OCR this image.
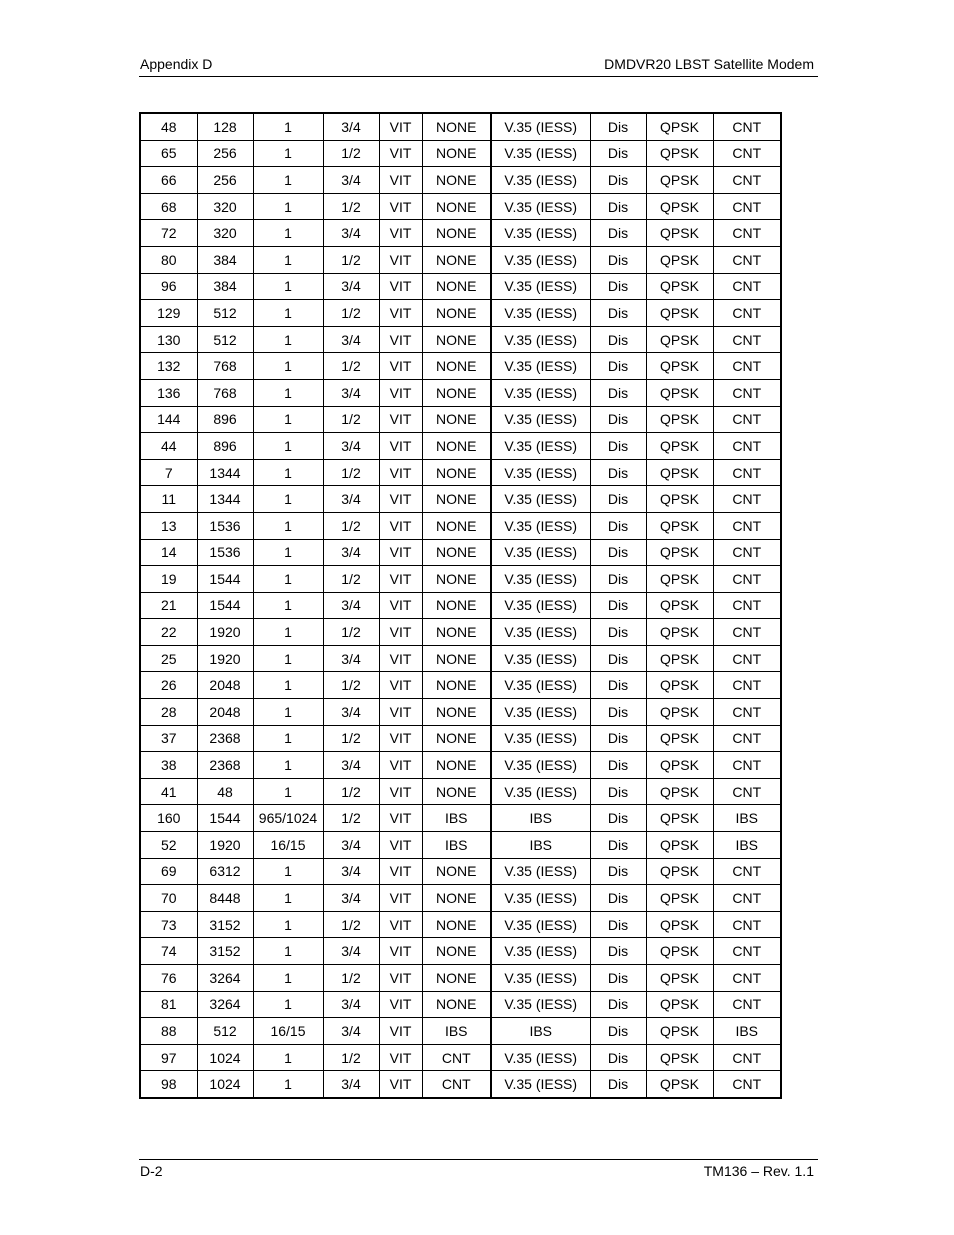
Appendix D	DMDVR20 LBST Satellite Modem
48	128	1	3/4	VIT	NONE	V.35 (IESS)	Dis	QPSK	CNT
65	256	1	1/2	VIT	NONE	V.35 (IESS)	Dis	QPSK	CNT
66	256	1	3/4	VIT	NONE	V.35 (IESS)	Dis	QPSK	CNT
68	320	1	1/2	VIT	NONE	V.35 (IESS)	Dis	QPSK	CNT
72	320	1	3/4	VIT	NONE	V.35 (IESS)	Dis	QPSK	CNT
80	384	1	1/2	VIT	NONE	V.35 (IESS)	Dis	QPSK	CNT
96	384	1	3/4	VIT	NONE	V.35 (IESS)	Dis	QPSK	CNT
129	512	1	1/2	VIT	NONE	V.35 (IESS)	Dis	QPSK	CNT
130	512	1	3/4	VIT	NONE	V.35 (IESS)	Dis	QPSK	CNT
132	768	1	1/2	VIT	NONE	V.35 (IESS)	Dis	QPSK	CNT
136	768	1	3/4	VIT	NONE	V.35 (IESS)	Dis	QPSK	CNT
144	896	1	1/2	VIT	NONE	V.35 (IESS)	Dis	QPSK	CNT
44	896	1	3/4	VIT	NONE	V.35 (IESS)	Dis	QPSK	CNT
7	1344	1	1/2	VIT	NONE	V.35 (IESS)	Dis	QPSK	CNT
11	1344	1	3/4	VIT	NONE	V.35 (IESS)	Dis	QPSK	CNT
13	1536	1	1/2	VIT	NONE	V.35 (IESS)	Dis	QPSK	CNT
14	1536	1	3/4	VIT	NONE	V.35 (IESS)	Dis	QPSK	CNT
19	1544	1	1/2	VIT	NONE	V.35 (IESS)	Dis	QPSK	CNT
21	1544	1	3/4	VIT	NONE	V.35 (IESS)	Dis	QPSK	CNT
22	1920	1	1/2	VIT	NONE	V.35 (IESS)	Dis	QPSK	CNT
25	1920	1	3/4	VIT	NONE	V.35 (IESS)	Dis	QPSK	CNT
26	2048	1	1/2	VIT	NONE	V.35 (IESS)	Dis	QPSK	CNT
28	2048	1	3/4	VIT	NONE	V.35 (IESS)	Dis	QPSK	CNT
37	2368	1	1/2	VIT	NONE	V.35 (IESS)	Dis	QPSK	CNT
38	2368	1	3/4	VIT	NONE	V.35 (IESS)	Dis	QPSK	CNT
41	48	1	1/2	VIT	NONE	V.35 (IESS)	Dis	QPSK	CNT
160	1544	965/1024	1/2	VIT	IBS	IBS	Dis	QPSK	IBS
52	1920	16/15	3/4	VIT	IBS	IBS	Dis	QPSK	IBS
69	6312	1	3/4	VIT	NONE	V.35 (IESS)	Dis	QPSK	CNT
70	8448	1	3/4	VIT	NONE	V.35 (IESS)	Dis	QPSK	CNT
73	3152	1	1/2	VIT	NONE	V.35 (IESS)	Dis	QPSK	CNT
74	3152	1	3/4	VIT	NONE	V.35 (IESS)	Dis	QPSK	CNT
76	3264	1	1/2	VIT	NONE	V.35 (IESS)	Dis	QPSK	CNT
81	3264	1	3/4	VIT	NONE	V.35 (IESS)	Dis	QPSK	CNT
88	512	16/15	3/4	VIT	IBS	IBS	Dis	QPSK	IBS
97	1024	1	1/2	VIT	CNT	V.35 (IESS)	Dis	QPSK	CNT
98	1024	1	3/4	VIT	CNT	V.35 (IESS)	Dis	QPSK	CNT
D-2	TM136 – Rev. 1.1
